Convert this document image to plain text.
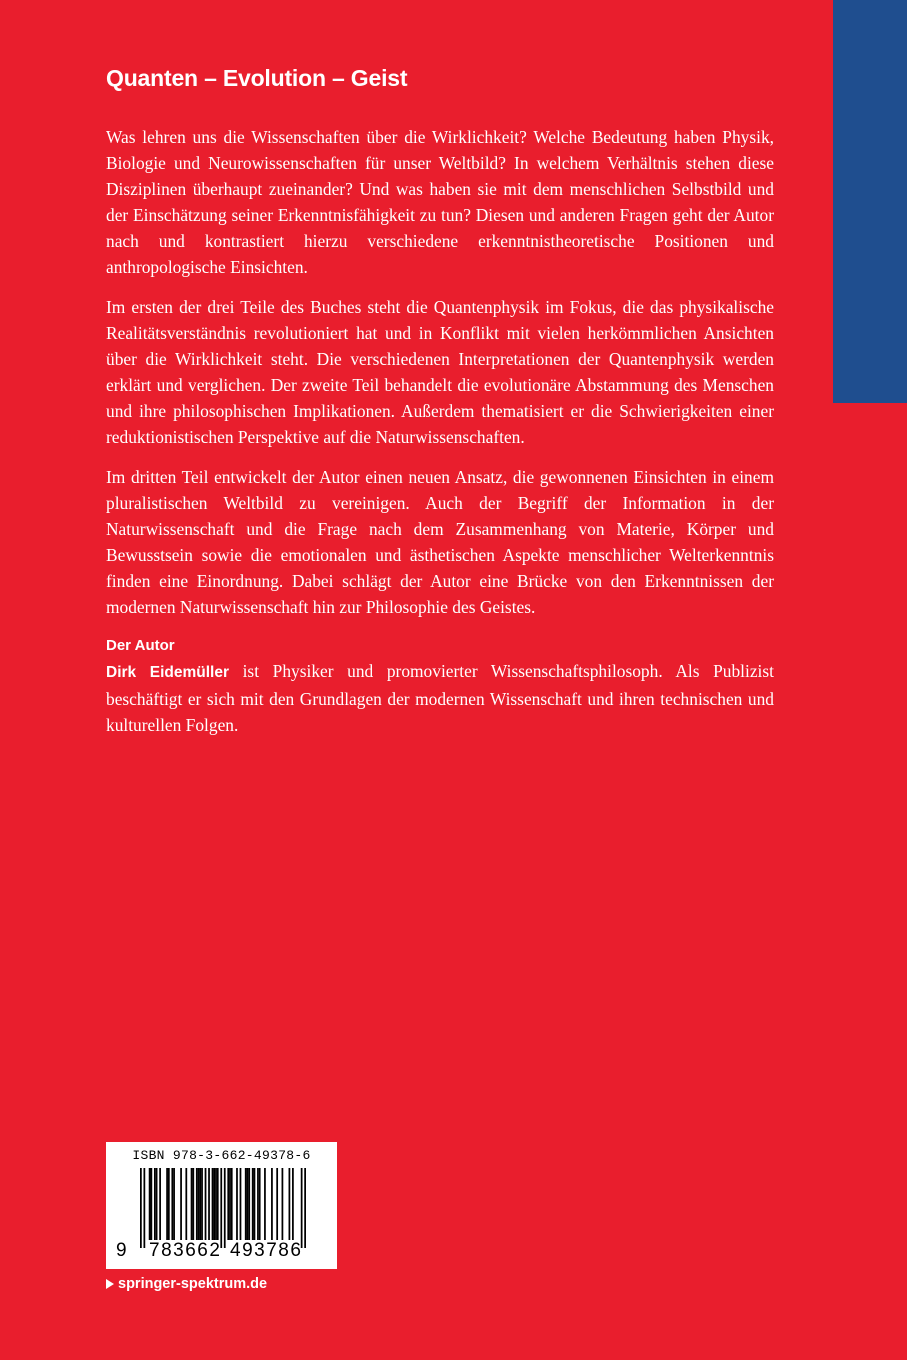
Quanten – Evolution – Geist

Was lehren uns die Wissenschaften über die Wirklichkeit? Welche Bedeutung haben Physik, Biologie und Neurowissenschaften für unser Weltbild? In welchem Verhältnis stehen diese Disziplinen überhaupt zueinander? Und was haben sie mit dem menschlichen Selbstbild und der Einschätzung seiner Erkenntnisfähigkeit zu tun? Diesen und anderen Fragen geht der Autor nach und kontrastiert hierzu verschiedene erkenntnistheoretische Positionen und anthropologische Einsichten.

Im ersten der drei Teile des Buches steht die Quantenphysik im Fokus, die das physikalische Realitätsverständnis revolutioniert hat und in Konflikt mit vielen herkömmlichen Ansichten über die Wirklichkeit steht. Die verschiedenen Interpretationen der Quantenphysik werden erklärt und verglichen. Der zweite Teil behandelt die evolutionäre Abstammung des Menschen und ihre philosophischen Implikationen. Außerdem thematisiert er die Schwierigkeiten einer reduktionistischen Perspektive auf die Naturwissenschaften.

Im dritten Teil entwickelt der Autor einen neuen Ansatz, die gewonnenen Einsichten in einem pluralistischen Weltbild zu vereinigen. Auch der Begriff der Information in der Naturwissenschaft und die Frage nach dem Zusammenhang von Materie, Körper und Bewusstsein sowie die emotionalen und ästhetischen Aspekte menschlicher Welterkenntnis finden eine Einordnung. Dabei schlägt der Autor eine Brücke von den Erkenntnissen der modernen Naturwissenschaft hin zur Philosophie des Geistes.

Der Autor

Dirk Eidemüller ist Physiker und promovierter Wissenschaftsphilosoph. Als Publizist beschäftigt er sich mit den Grundlagen der modernen Wissenschaft und ihren technischen und kulturellen Folgen.

ISBN 978-3-662-49378-6
9 783662 493786
springer-spektrum.de
